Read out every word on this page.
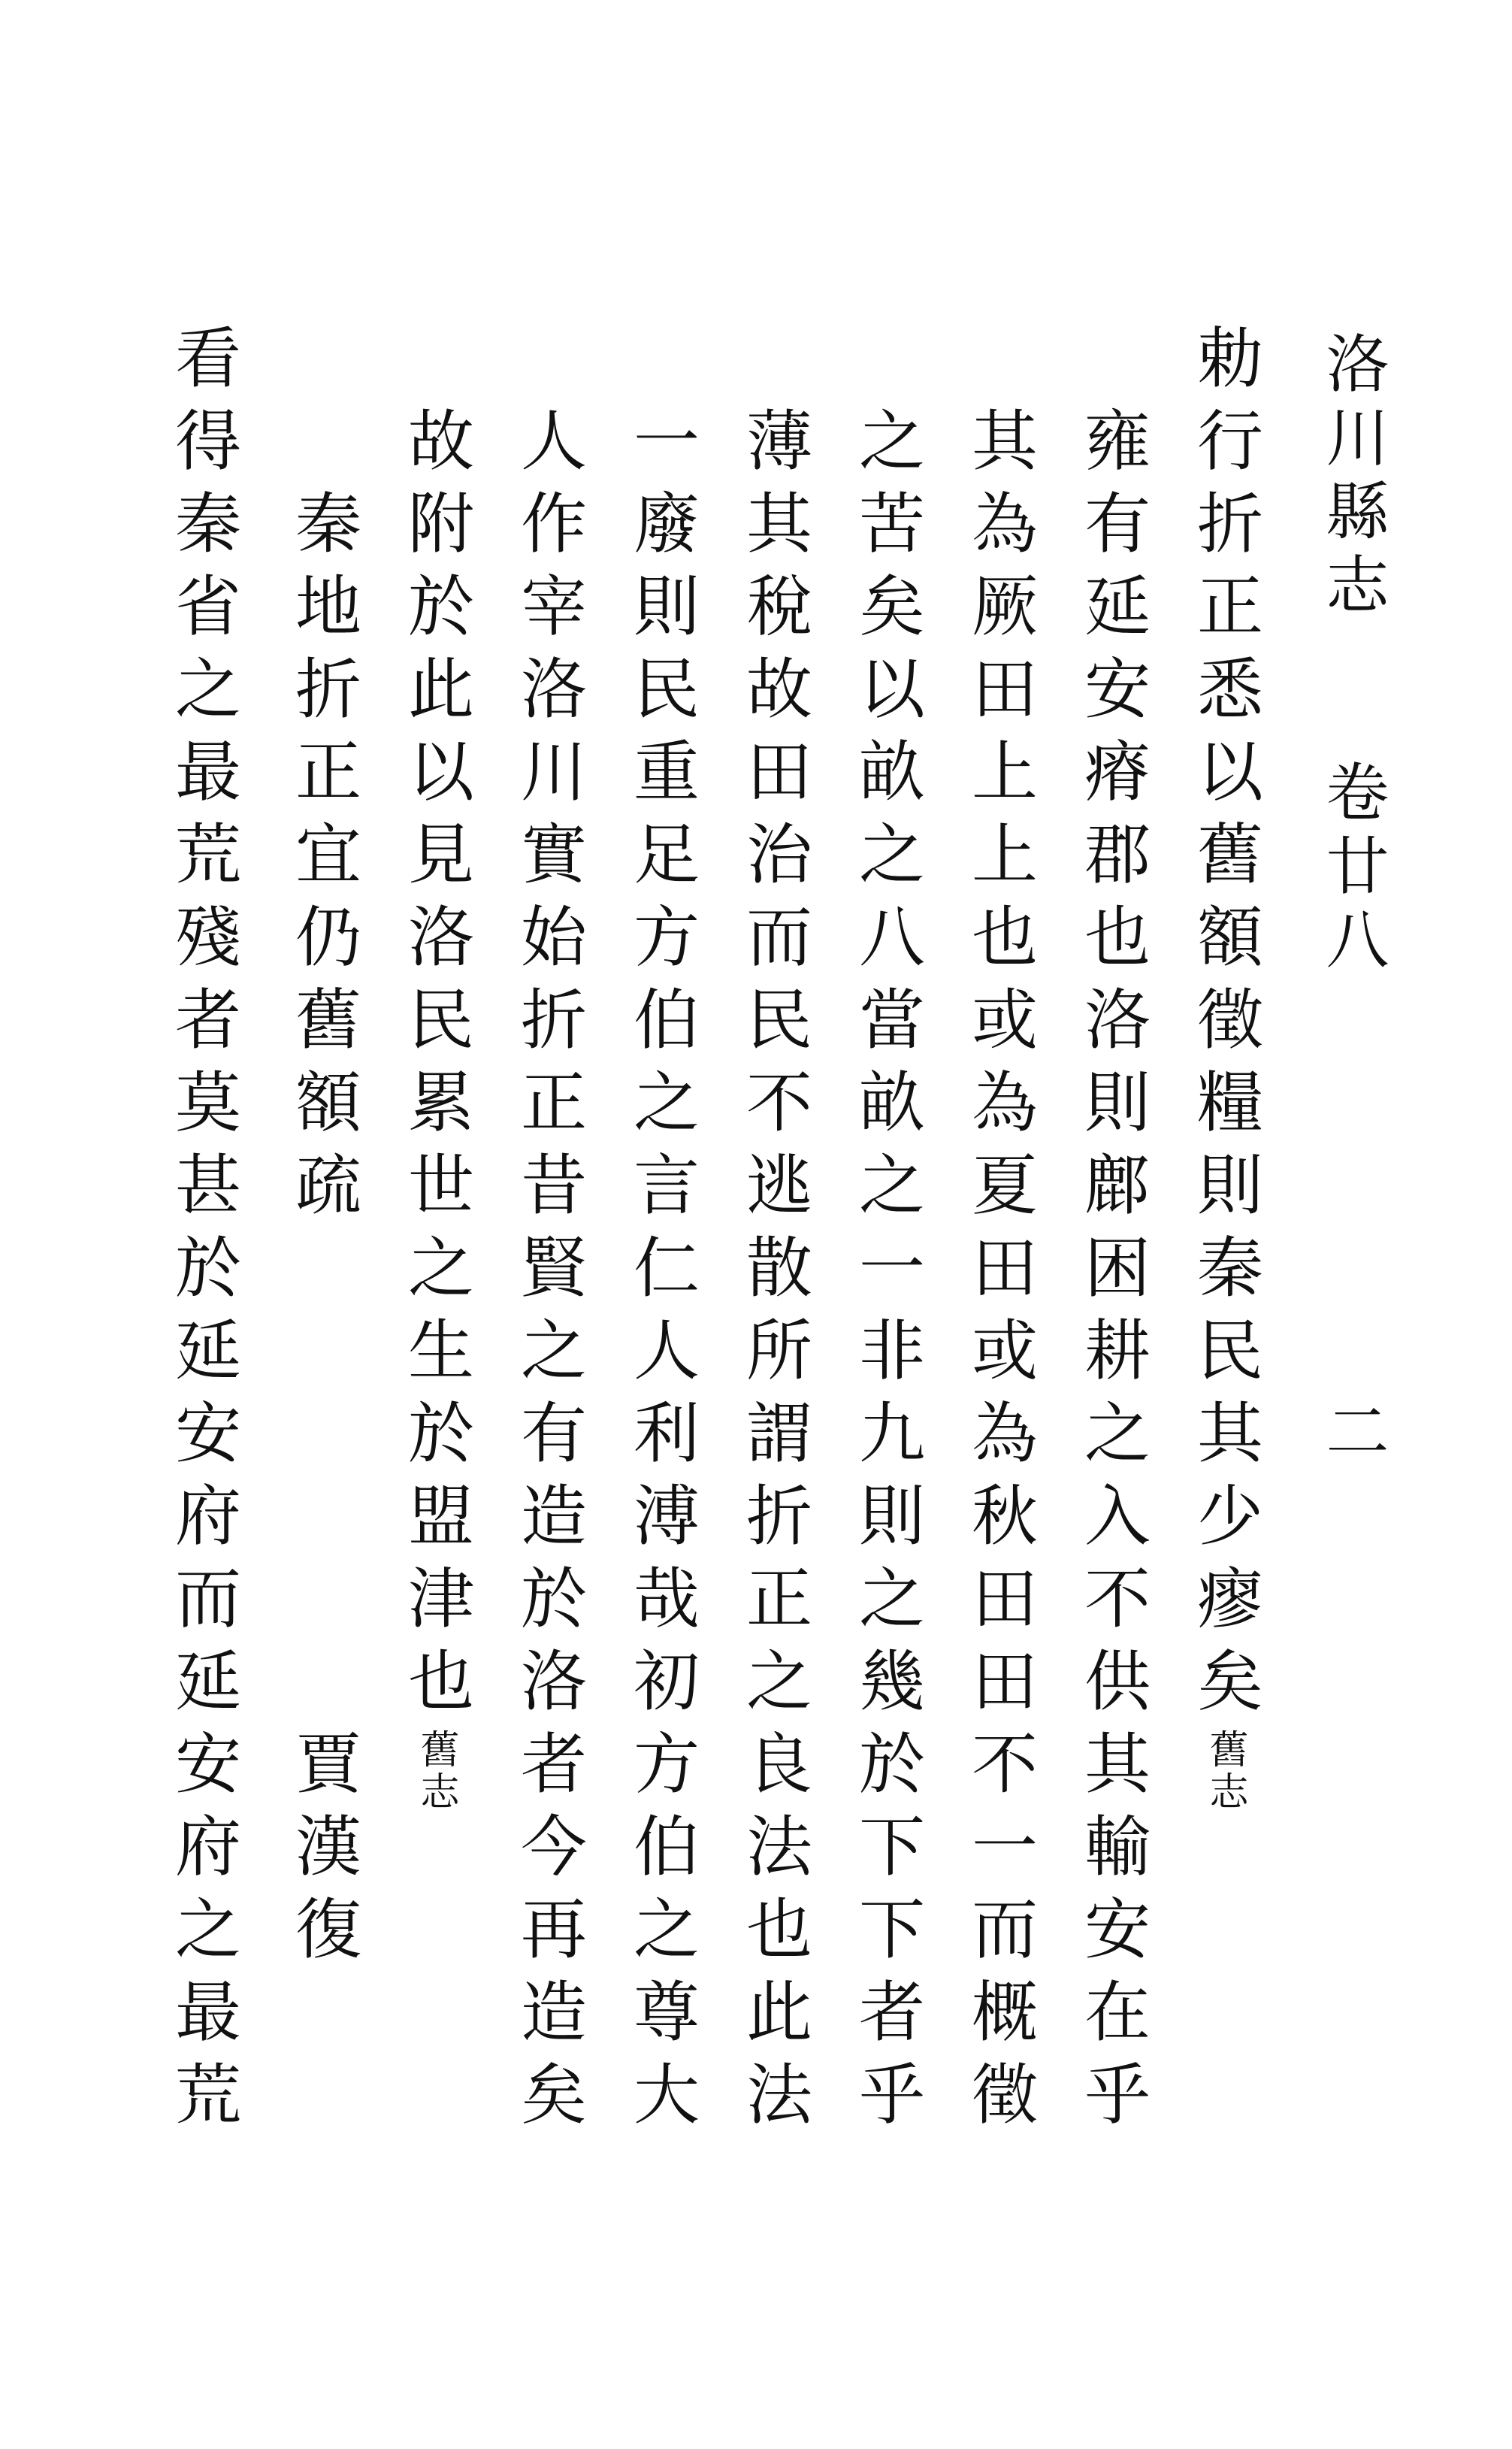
洛川縣志
卷廿八
二
勅行折正悉以舊額徵糧則秦民其少瘳矣
舊志
雍有延安瘠郡也洛則鄜困耕之入不供其輸安在乎
其為厥田上上也或為夏田或為秋田田不一而概徵
之苦矣以畝之八當畝之一非九則之幾於下下者乎
薄其稅故田治而民不逃散所謂折正之良法也此法
一廢則民重足方伯之言仁人利溥哉初方伯之尊大
人作宰洛川實始折正昔賢之有造於洛者今再造矣
故附於此以見洛民累世之生於盟津也
舊志
秦地折正宜仍舊額疏
賈漢復
看得秦省之最荒殘者莫甚於延安府而延安府之最荒
